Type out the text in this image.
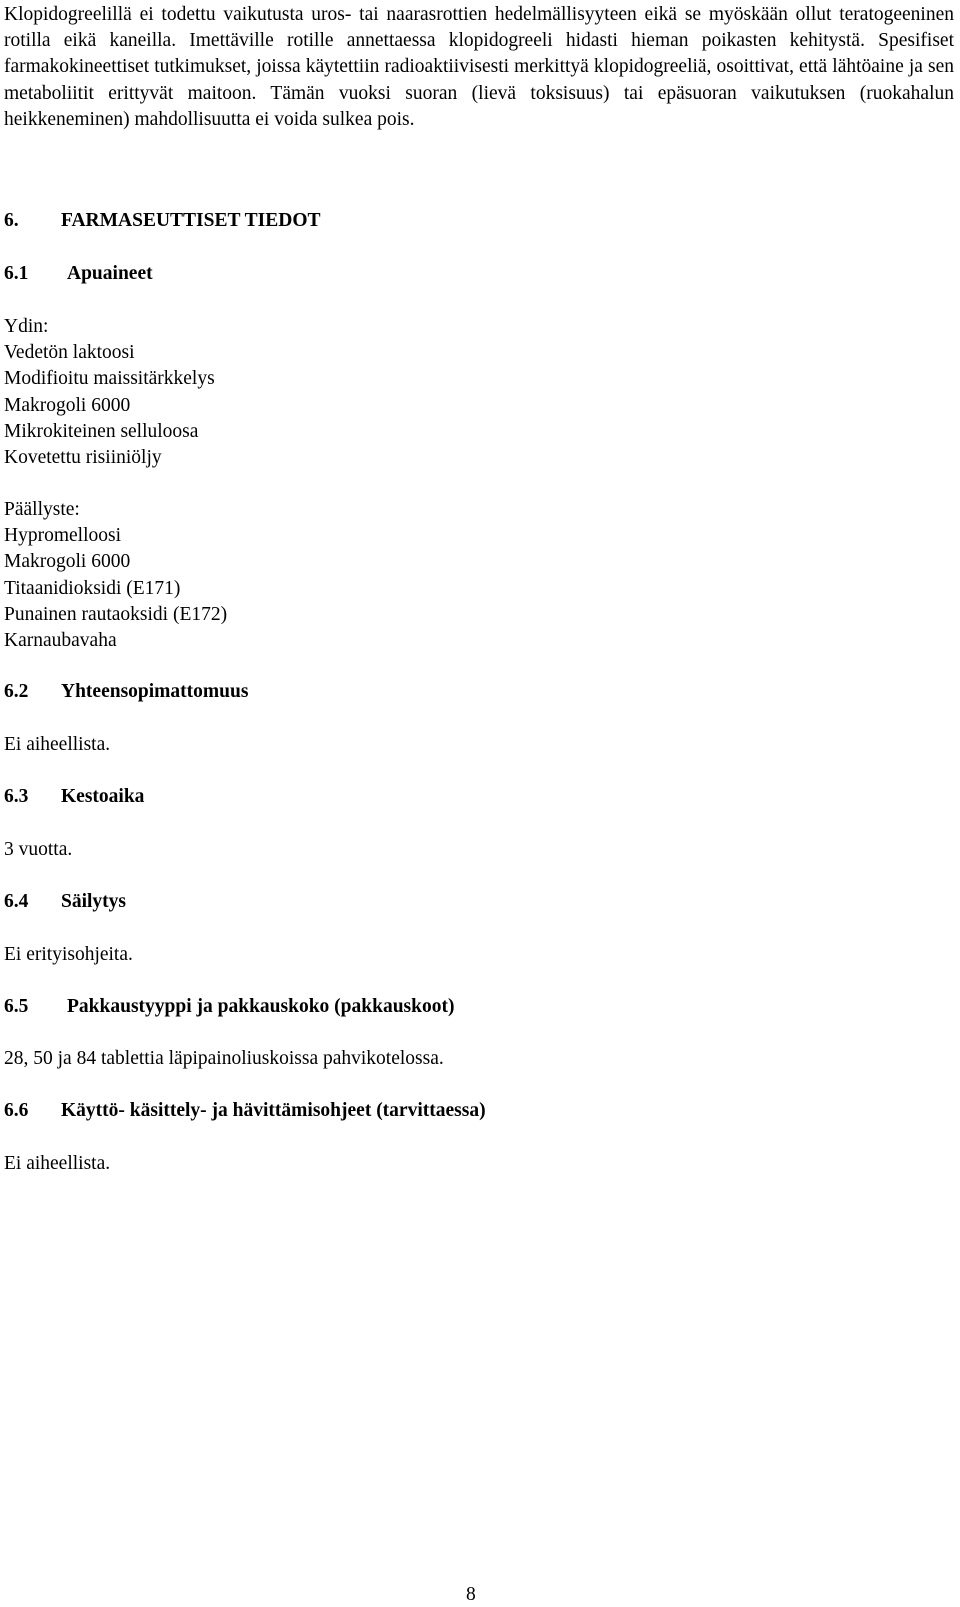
Klopidogreelillä ei todettu vaikutusta uros- tai naarasrottien hedelmällisyyteen eikä se myöskään ollut teratogeeninen rotilla eikä kaneilla. Imettäville rotille annettaessa klopidogreeli hidasti hieman poikasten kehitystä. Spesifiset farmakokineettiset tutkimukset, joissa käytettiin radioaktiivisesti merkittyä klopidogreeliä, osoittivat, että lähtöaine ja sen metaboliitit erittyvät maitoon. Tämän vuoksi suoran (lievä toksisuus) tai epäsuoran vaikutuksen (ruokahalun heikkeneminen) mahdollisuutta ei voida sulkea pois.

6. FARMASEUTTISET TIEDOT
6.1 Apuaineet
Ydin:
Vedetön laktoosi
Modifioitu maissitärkkelys
Makrogoli 6000
Mikrokiteinen selluloosa
Kovetettu risiiniöljy
Päällyste:
Hypromelloosi
Makrogoli 6000
Titaanidioksidi (E171)
Punainen rautaoksidi (E172)
Karnaubavaha
6.2 Yhteensopimattomuus

Ei aiheellista.

6.3 Kestoaika

3 vuotta.

6.4 Säilytys

Ei erityisohjeita.

6.5 Pakkaustyyppi ja pakkauskoko (pakkauskoot)

28, 50 ja 84 tablettia läpipainoliuskoissa pahvikotelossa.

6.6 Käyttö- käsittely- ja hävittämisohjeet (tarvittaessa)

Ei aiheellista.

8
